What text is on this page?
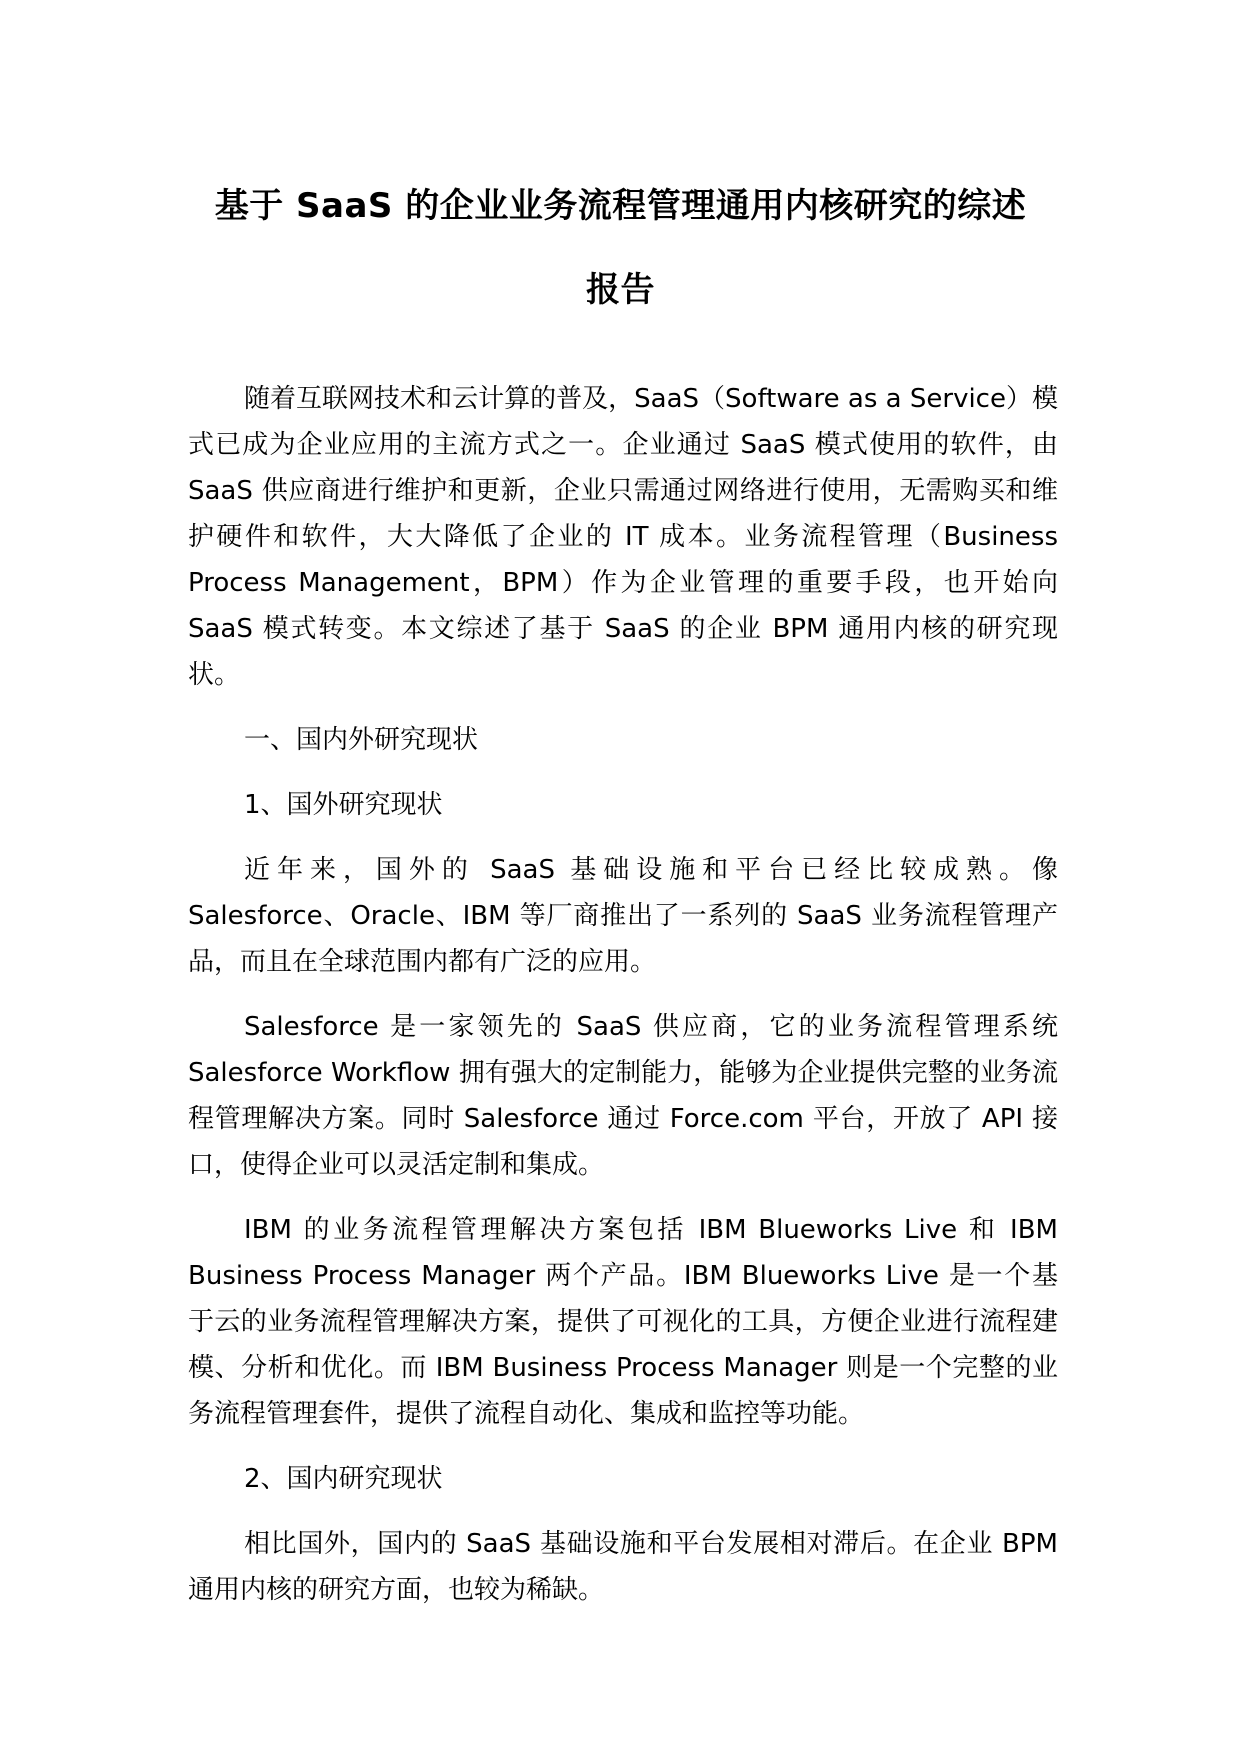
基于 SaaS 的企业业务流程管理通用内核研究的综述
报告

随着互联网技术和云计算的普及，SaaS（Software as a Service）模式已成为企业应用的主流方式之一。企业通过 SaaS 模式使用的软件，由 SaaS 供应商进行维护和更新，企业只需通过网络进行使用，无需购买和维护硬件和软件，大大降低了企业的 IT 成本。业务流程管理（Business Process Management，BPM）作为企业管理的重要手段，也开始向 SaaS 模式转变。本文综述了基于 SaaS 的企业 BPM 通用内核的研究现状。

一、国内外研究现状

1、国外研究现状

近年来，国外的 SaaS 基础设施和平台已经比较成熟。像 Salesforce、Oracle、IBM 等厂商推出了一系列的 SaaS 业务流程管理产品，而且在全球范围内都有广泛的应用。

Salesforce 是一家领先的 SaaS 供应商，它的业务流程管理系统 Salesforce Workflow 拥有强大的定制能力，能够为企业提供完整的业务流程管理解决方案。同时 Salesforce 通过 Force.com 平台，开放了 API 接口，使得企业可以灵活定制和集成。

IBM 的业务流程管理解决方案包括 IBM Blueworks Live 和 IBM Business Process Manager 两个产品。IBM Blueworks Live 是一个基于云的业务流程管理解决方案，提供了可视化的工具，方便企业进行流程建模、分析和优化。而 IBM Business Process Manager 则是一个完整的业务流程管理套件，提供了流程自动化、集成和监控等功能。

2、国内研究现状

相比国外，国内的 SaaS 基础设施和平台发展相对滞后。在企业 BPM 通用内核的研究方面，也较为稀缺。
